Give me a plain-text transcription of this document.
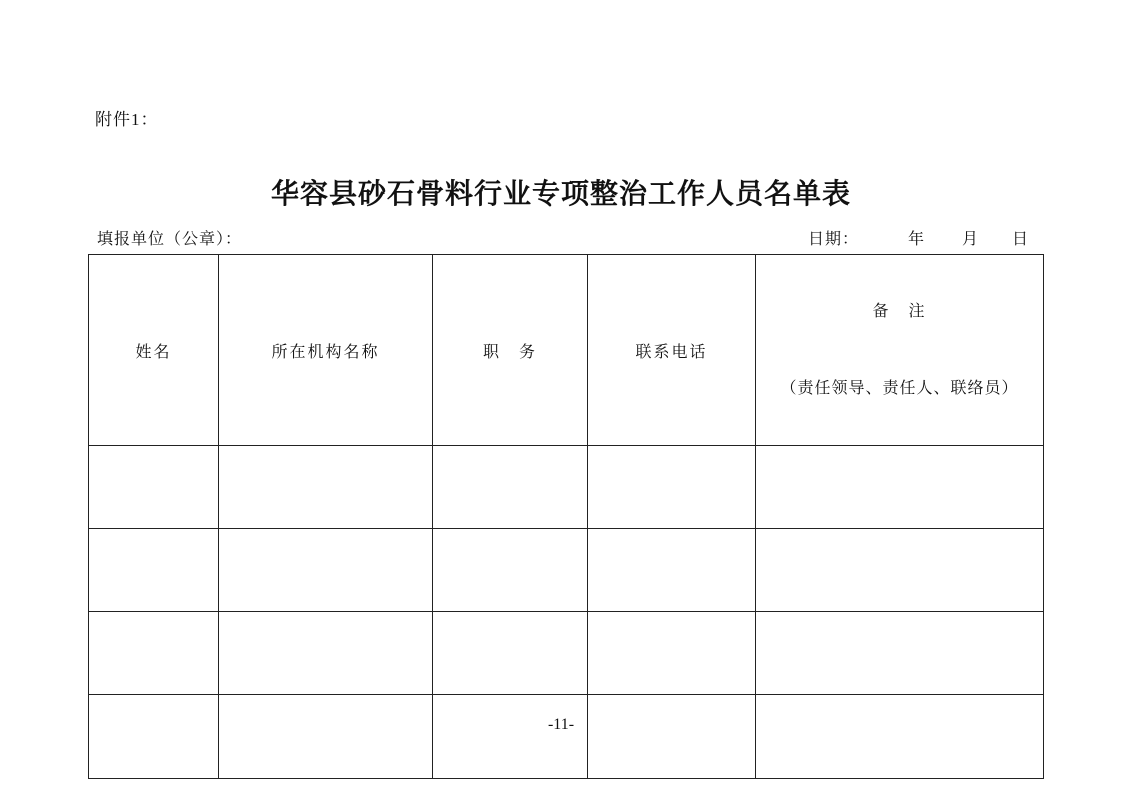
附件1：
华容县砂石骨料行业专项整治工作人员名单表
填报单位（公章）：	日期：	年 月 日
姓名	所在机构名称	职　务	联系电话	备　注

（责任领导、责任人、联络员）

-11-
